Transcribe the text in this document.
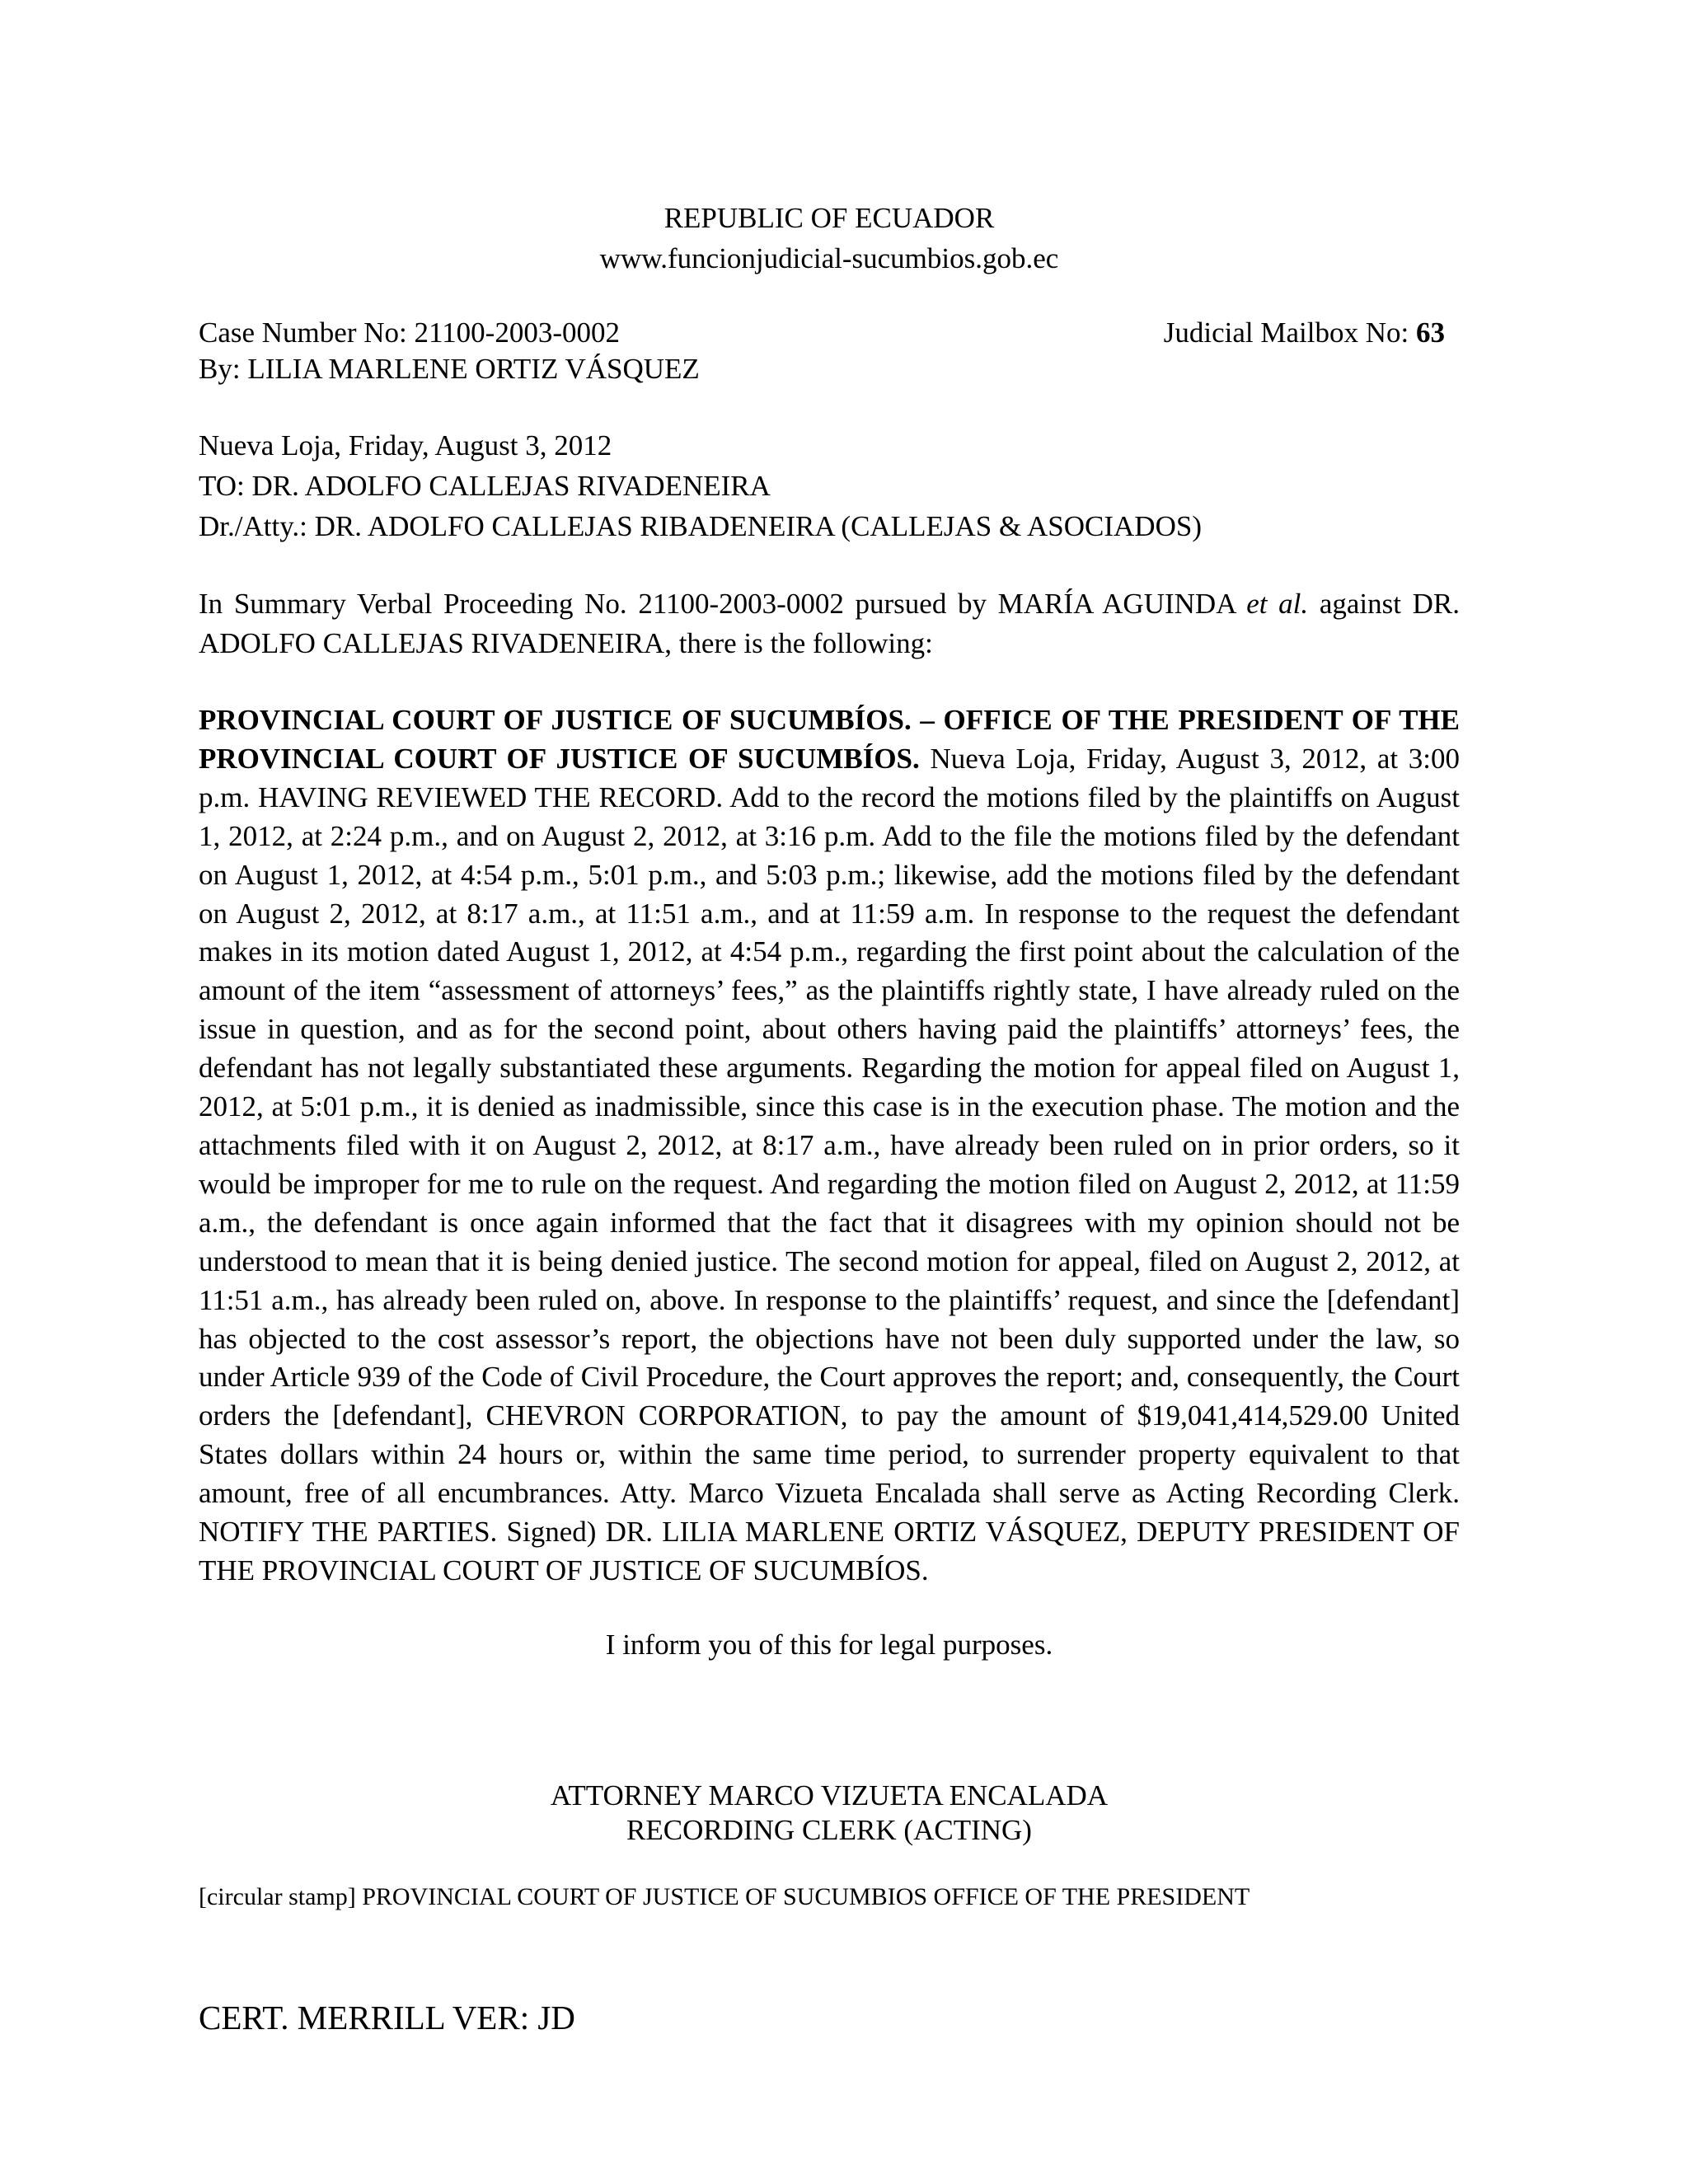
REPUBLIC OF ECUADOR
www.funcionjudicial-sucumbios.gob.ec
Case Number No: 21100-2003-0002	Judicial Mailbox No: 63
By: LILIA MARLENE ORTIZ VÁSQUEZ
Nueva Loja, Friday, August 3, 2012
TO: DR. ADOLFO CALLEJAS RIVADENEIRA
Dr./Atty.: DR. ADOLFO CALLEJAS RIBADENEIRA (CALLEJAS & ASOCIADOS)
In Summary Verbal Proceeding No. 21100-2003-0002 pursued by MARÍA AGUINDA et al. against DR. ADOLFO CALLEJAS RIVADENEIRA, there is the following:
PROVINCIAL COURT OF JUSTICE OF SUCUMBÍOS. – OFFICE OF THE PRESIDENT OF THE PROVINCIAL COURT OF JUSTICE OF SUCUMBÍOS. Nueva Loja, Friday, August 3, 2012, at 3:00 p.m. HAVING REVIEWED THE RECORD. Add to the record the motions filed by the plaintiffs on August 1, 2012, at 2:24 p.m., and on August 2, 2012, at 3:16 p.m. Add to the file the motions filed by the defendant on August 1, 2012, at 4:54 p.m., 5:01 p.m., and 5:03 p.m.; likewise, add the motions filed by the defendant on August 2, 2012, at 8:17 a.m., at 11:51 a.m., and at 11:59 a.m. In response to the request the defendant makes in its motion dated August 1, 2012, at 4:54 p.m., regarding the first point about the calculation of the amount of the item “assessment of attorneys’ fees,” as the plaintiffs rightly state, I have already ruled on the issue in question, and as for the second point, about others having paid the plaintiffs’ attorneys’ fees, the defendant has not legally substantiated these arguments. Regarding the motion for appeal filed on August 1, 2012, at 5:01 p.m., it is denied as inadmissible, since this case is in the execution phase. The motion and the attachments filed with it on August 2, 2012, at 8:17 a.m., have already been ruled on in prior orders, so it would be improper for me to rule on the request. And regarding the motion filed on August 2, 2012, at 11:59 a.m., the defendant is once again informed that the fact that it disagrees with my opinion should not be understood to mean that it is being denied justice. The second motion for appeal, filed on August 2, 2012, at 11:51 a.m., has already been ruled on, above. In response to the plaintiffs’ request, and since the [defendant] has objected to the cost assessor’s report, the objections have not been duly supported under the law, so under Article 939 of the Code of Civil Procedure, the Court approves the report; and, consequently, the Court orders the [defendant], CHEVRON CORPORATION, to pay the amount of $19,041,414,529.00 United States dollars within 24 hours or, within the same time period, to surrender property equivalent to that amount, free of all encumbrances. Atty. Marco Vizueta Encalada shall serve as Acting Recording Clerk. NOTIFY THE PARTIES. Signed) DR. LILIA MARLENE ORTIZ VÁSQUEZ, DEPUTY PRESIDENT OF THE PROVINCIAL COURT OF JUSTICE OF SUCUMBÍOS.
I inform you of this for legal purposes.
ATTORNEY MARCO VIZUETA ENCALADA
RECORDING CLERK (ACTING)
[circular stamp] PROVINCIAL COURT OF JUSTICE OF SUCUMBIOS OFFICE OF THE PRESIDENT
CERT. MERRILL VER: JD
